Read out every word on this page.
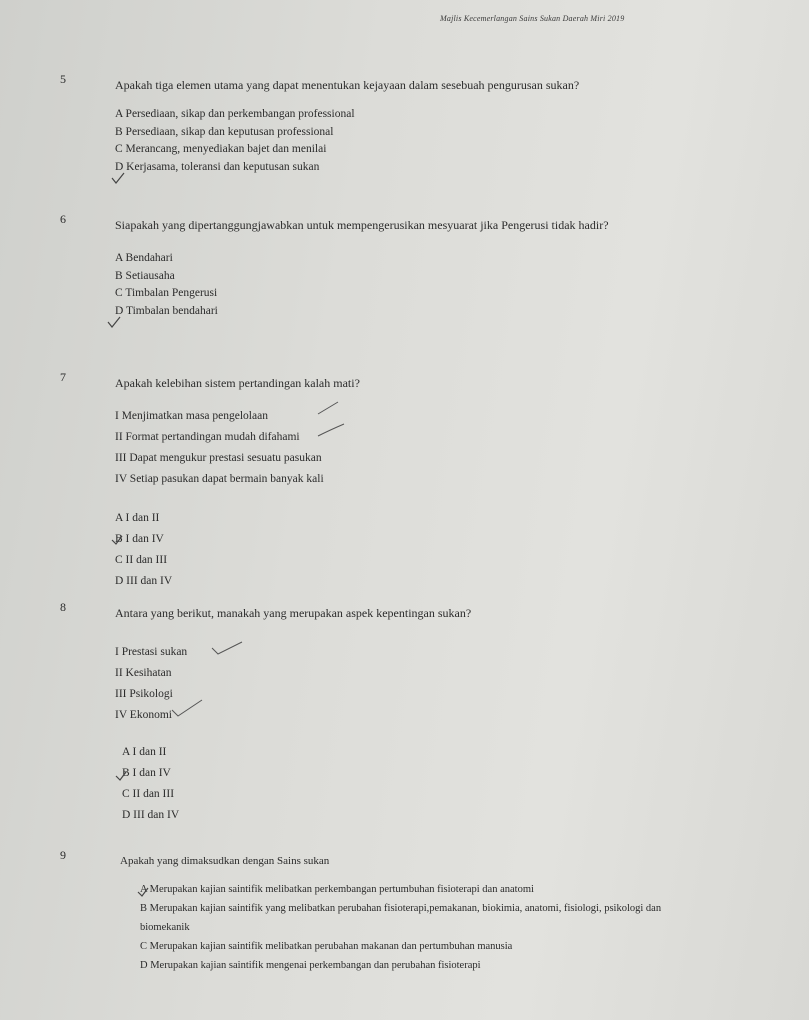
Majlis Kecemerlangan Sains Sukan Daerah Miri 2019
5	Apakah tiga elemen utama yang dapat menentukan kejayaan dalam sesebuah pengurusan sukan?
A Persediaan, sikap dan perkembangan professional
B Persediaan, sikap dan keputusan professional
C Merancang, menyediakan bajet dan menilai
D Kerjasama, toleransi dan keputusan sukan
6	Siapakah yang dipertanggungjawabkan untuk mempengerusikan mesyuarat jika Pengerusi tidak hadir?
A Bendahari
B Setiausaha
C Timbalan Pengerusi
D Timbalan bendahari
7	Apakah kelebihan sistem pertandingan kalah mati?
I Menjimatkan masa pengelolaan
II Format pertandingan mudah difahami
III Dapat mengukur prestasi sesuatu pasukan
IV Setiap pasukan dapat bermain banyak kali
A I dan II
B I dan IV
C II dan III
D III dan IV
8	Antara yang berikut, manakah yang merupakan aspek kepentingan sukan?
I Prestasi sukan
II Kesihatan
III Psikologi
IV Ekonomi
A I dan II
B I dan IV
C II dan III
D III dan IV
9	Apakah yang dimaksudkan dengan Sains sukan
A Merupakan kajian saintifik melibatkan perkembangan pertumbuhan fisioterapi dan anatomi
B Merupakan kajian saintifik yang melibatkan perubahan fisioterapi,pemakanan, biokimia, anatomi, fisiologi, psikologi dan biomekanik
C Merupakan kajian saintifik melibatkan perubahan makanan dan pertumbuhan manusia
D Merupakan kajian saintifik mengenai perkembangan dan perubahan fisioterapi
